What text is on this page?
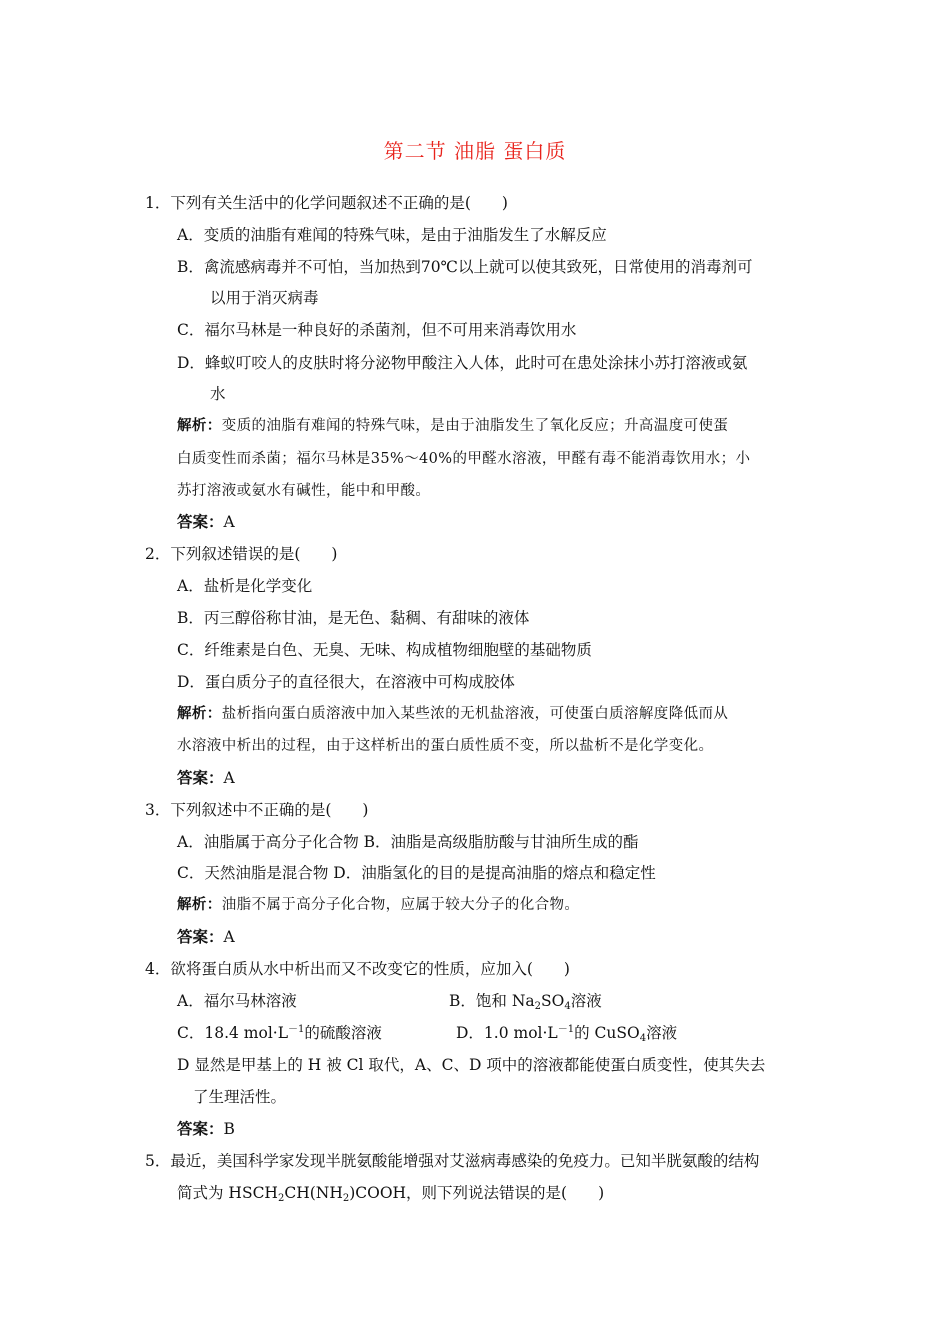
第二节 油脂 蛋白质
1．下列有关生活中的化学问题叙述不正确的是(　　)
A．变质的油脂有难闻的特殊气味，是由于油脂发生了水解反应
B．禽流感病毒并不可怕，当加热到70℃以上就可以使其致死，日常使用的消毒剂可
以用于消灭病毒
C．福尔马林是一种良好的杀菌剂，但不可用来消毒饮用水
D．蜂蚁叮咬人的皮肤时将分泌物甲酸注入人体，此时可在患处涂抹小苏打溶液或氨
水
解析：变质的油脂有难闻的特殊气味，是由于油脂发生了氧化反应；升高温度可使蛋
白质变性而杀菌；福尔马林是35%～40%的甲醛水溶液，甲醛有毒不能消毒饮用水；小
苏打溶液或氨水有碱性，能中和甲酸。
答案：A
2．下列叙述错误的是(　　)
A．盐析是化学变化
B．丙三醇俗称甘油，是无色、黏稠、有甜味的液体
C．纤维素是白色、无臭、无味、构成植物细胞壁的基础物质
D．蛋白质分子的直径很大，在溶液中可构成胶体
解析：盐析指向蛋白质溶液中加入某些浓的无机盐溶液，可使蛋白质溶解度降低而从
水溶液中析出的过程，由于这样析出的蛋白质性质不变，所以盐析不是化学变化。
答案：A
3．下列叙述中不正确的是(　　)
A．油脂属于高分子化合物 B．油脂是高级脂肪酸与甘油所生成的酯
C．天然油脂是混合物 D．油脂氢化的目的是提高油脂的熔点和稳定性
解析：油脂不属于高分子化合物，应属于较大分子的化合物。
答案：A
4．欲将蛋白质从水中析出而又不改变它的性质，应加入(　　)
A．福尔马林溶液	B．饱和 $Na_2SO_4$溶液
C．18.4 $mol\cdot L^{-1}$的硫酸溶液	D．1.0 $mol\cdot L^{-1}$的 CuSO$_4$溶液
D 显然是甲基上的 H 被 Cl 取代，A、C、D 项中的溶液都能使蛋白质变性，使其失去
了生理活性。
答案：B
5．最近，美国科学家发现半胱氨酸能增强对艾滋病毒感染的免疫力。已知半胱氨酸的结构
简式为 $HSCH_2CH(NH_2)COOH$，则下列说法错误的是(　　)
